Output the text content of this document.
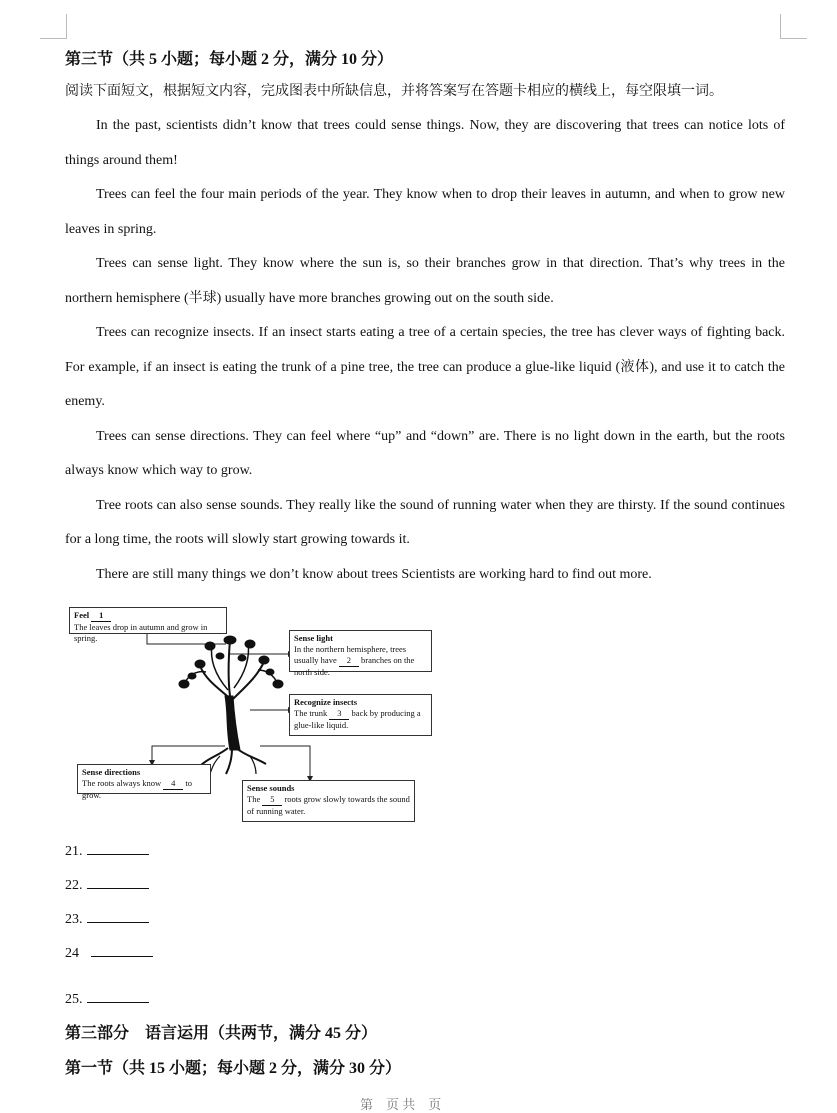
第三节（共 5 小题；每小题 2 分，满分 10 分）
阅读下面短文，根据短文内容，完成图表中所缺信息，并将答案写在答题卡相应的横线上，每空限填一词。

In the past, scientists didn’t know that trees could sense things. Now, they are discovering that trees can notice lots of things around them!

Trees can feel the four main periods of the year. They know when to drop their leaves in autumn, and when to grow new leaves in spring.

Trees can sense light. They know where the sun is, so their branches grow in that direction. That’s why trees in the northern hemisphere (半球) usually have more branches growing out on the south side.

Trees can recognize insects. If an insect starts eating a tree of a certain species, the tree has clever ways of fighting back. For example, if an insect is eating the trunk of a pine tree, the tree can produce a glue-like liquid (液体), and use it to catch the enemy.

Trees can sense directions. They can feel where “up” and “down” are. There is no light down in the earth, but the roots always know which way to grow.

Tree roots can also sense sounds. They really like the sound of running water when they are thirsty. If the sound continues for a long time, the roots will slowly start growing towards it.

There are still many things we don’t know about trees Scientists are working hard to find out more.

Feel 1
The leaves drop in autumn and grow in spring.	Sense light
In the northern hemisphere, trees usually have 2 branches on the north side.
Recognize insects
The trunk 3 back by producing a glue-like liquid.
Sense directions
The roots always know 4 to grow.
Sense sounds
The 5 roots grow slowly towards the sound of running water.
21.
22.
23.
24
25.
第三部分　语言运用（共两节，满分 45 分）
第一节（共 15 小题；每小题 2 分，满分 30 分）
第　页 共　页
